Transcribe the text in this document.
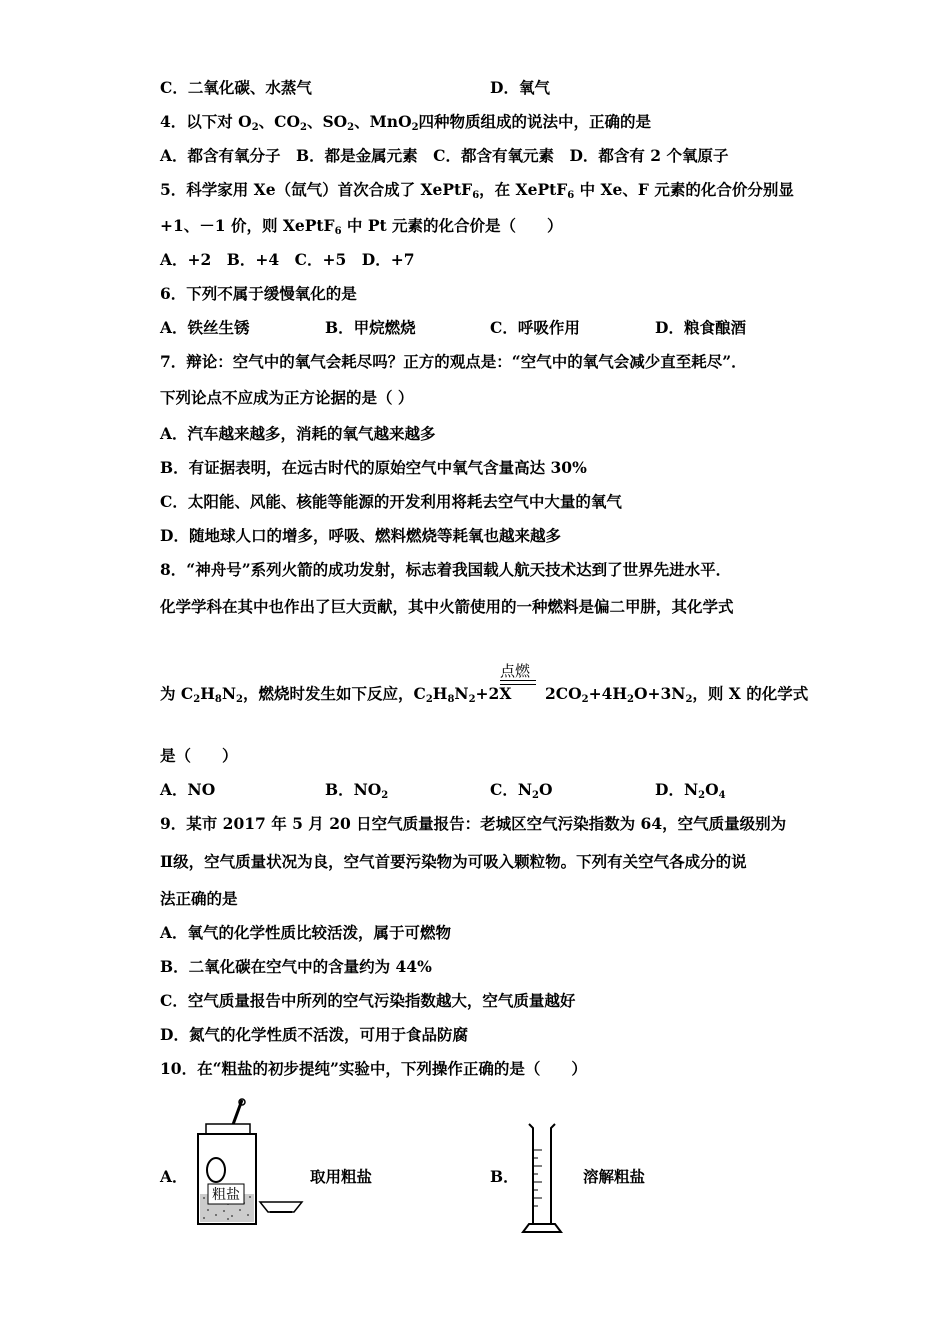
C．二氧化碳、水蒸气	D．氧气
4．以下对 $O_2$、$CO_2$、$SO_2$、MnO$_2$四种物质组成的说法中，正确的是
A．都含有氧分子　B．都是金属元素　C．都含有氧元素　D．都含有 2 个氧原子
5．科学家用 Xe（氙气）首次合成了 XePtF$_6$，在 XePtF$_6$ 中 Xe、F 元素的化合价分别显
+1、－1 价，则 XePtF$_6$ 中 Pt 元素的化合价是（　　）
A．+2　B．+4　C．+5　D．+7
6．下列不属于缓慢氧化的是
A．铁丝生锈	B．甲烷燃烧	C．呼吸作用	D．粮食酿酒
7．辩论：空气中的氧气会耗尽吗？正方的观点是：“空气中的氧气会减少直至耗尽”．
下列论点不应成为正方论据的是（ ）
A．汽车越来越多，消耗的氧气越来越多
B．有证据表明，在远古时代的原始空气中氧气含量高达 30%
C．太阳能、风能、核能等能源的开发利用将耗去空气中大量的氧气
D．随地球人口的增多，呼吸、燃料燃烧等耗氧也越来越多
8．“神舟号”系列火箭的成功发射，标志着我国载人航天技术达到了世界先进水平．
化学学科在其中也作出了巨大贡献，其中火箭使用的一种燃料是偏二甲肼，其化学式
点燃
为 $C_2H_8N_2$，燃烧时发生如下反应，$C_2H_8N_2+2X$ $2CO_2+4H_2O+3N_2$，则 X 的化学式
是（　　）
A．NO	B．$NO_2$	C．$N_2O$	D．$N_2O_4$
9．某市 2017 年 5 月 20 日空气质量报告：老城区空气污染指数为 64，空气质量级别为
Ⅱ级，空气质量状况为良，空气首要污染物为可吸入颗粒物。下列有关空气各成分的说
法正确的是
A．氧气的化学性质比较活泼，属于可燃物
B．二氧化碳在空气中的含量约为 44%
C．空气质量报告中所列的空气污染指数越大，空气质量越好
D．氮气的化学性质不活泼，可用于食品防腐
10．在“粗盐的初步提纯”实验中，下列操作正确的是（　　）
A．
粗盐
取用粗盐	B．	溶解粗盐
